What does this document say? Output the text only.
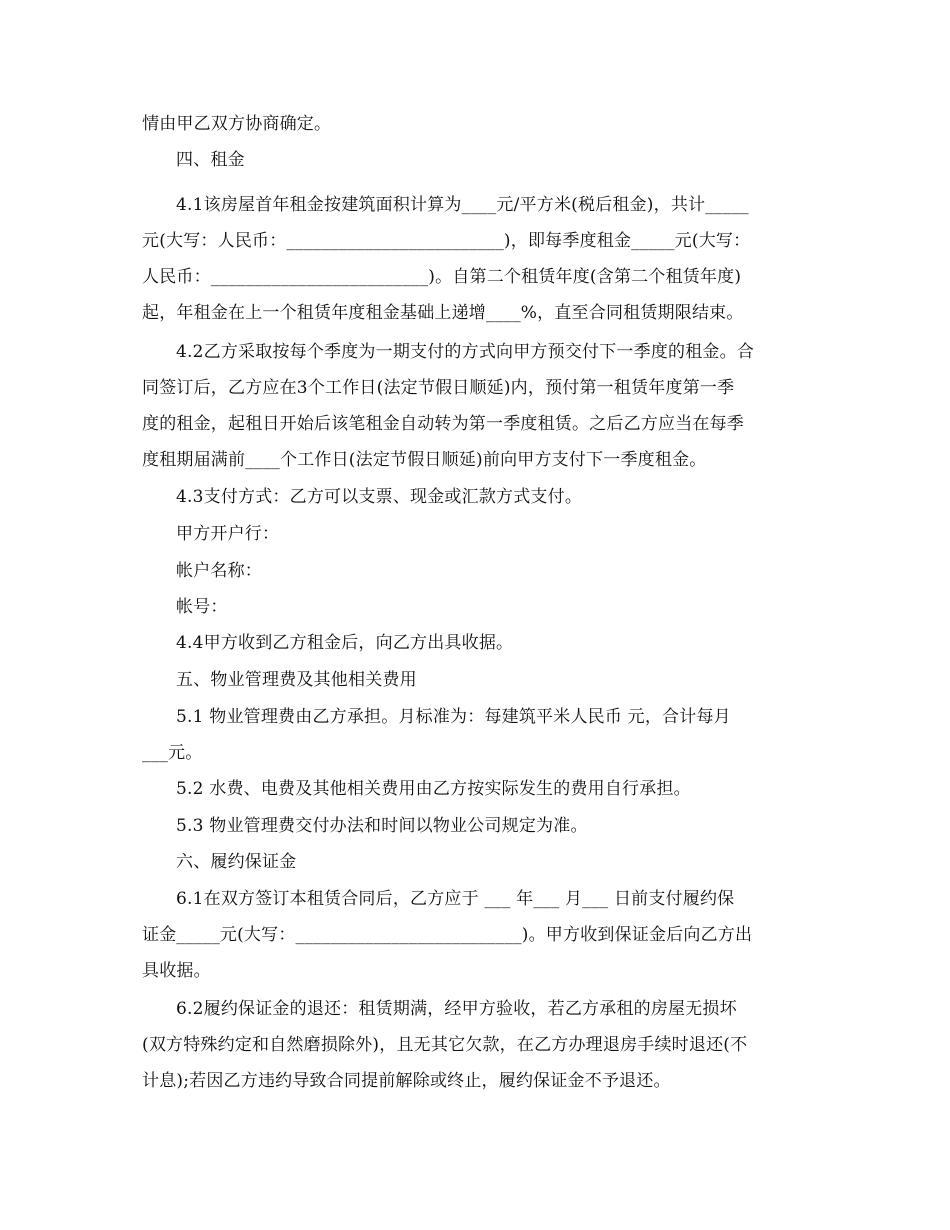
情由甲乙双方协商确定。
四、租金
4.1该房屋首年租金按建筑面积计算为____元/平方米(税后租金)，共计_____
元(大写：人民币：_________________________)，即每季度租金_____元(大写：
人民币：_________________________)。自第二个租赁年度(含第二个租赁年度)
起，年租金在上一个租赁年度租金基础上递增____%，直至合同租赁期限结束。
4.2乙方采取按每个季度为一期支付的方式向甲方预交付下一季度的租金。合
同签订后，乙方应在3个工作日(法定节假日顺延)内，预付第一租赁年度第一季
度的租金，起租日开始后该笔租金自动转为第一季度租赁。之后乙方应当在每季
度租期届满前____个工作日(法定节假日顺延)前向甲方支付下一季度租金。
4.3支付方式：乙方可以支票、现金或汇款方式支付。
甲方开户行：
帐户名称：
帐号：
4.4甲方收到乙方租金后，向乙方出具收据。
五、物业管理费及其他相关费用
5.1 物业管理费由乙方承担。月标准为：每建筑平米人民币 元，合计每月
___元。
5.2 水费、电费及其他相关费用由乙方按实际发生的费用自行承担。
5.3 物业管理费交付办法和时间以物业公司规定为准。
六、履约保证金
6.1在双方签订本租赁合同后，乙方应于 ___ 年___ 月___ 日前支付履约保
证金_____元(大写：__________________________)。甲方收到保证金后向乙方出
具收据。
6.2履约保证金的退还：租赁期满，经甲方验收，若乙方承租的房屋无损坏
(双方特殊约定和自然磨损除外)，且无其它欠款，在乙方办理退房手续时退还(不
计息);若因乙方违约导致合同提前解除或终止，履约保证金不予退还。
